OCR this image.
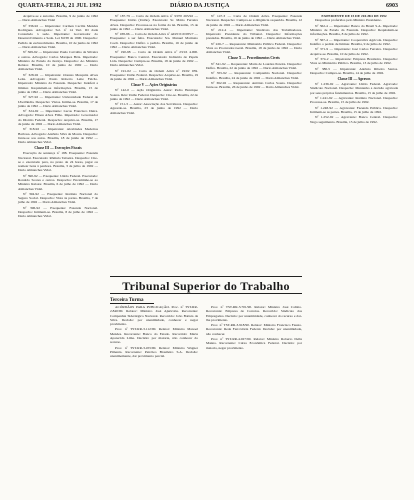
QUARTA-FEIRA, 21 JUL 1992	DIÁRIO DA JUSTIÇA	6903

Arquive-se e autorize. Brasília, 9 de junho de 1992 — Dario Almanches Vidal

Nº 336-92 — Impetrante: Carmen Cecília Mendes Rodrigues. Advogados: Sol. nº 14 Vert. ID dada Consulado à sede. Impetrante: Governador do Desenvolvimento e Sede. Lei 8.038 de 1990. Despacho: Pedido de esclarecimento. Brasília, 10 de junho de 1992 — Dario Almanches Vidal.

Nº 369-92 — Impetrante: Paulo Carvalho da Silveira e outros. Advogado: Carlos Marques Brás. Impetrado: Ministro de Estado da Justiça. Despacho: Ao Ministro Relator. Brasília, 10 de junho de 1992 — Dario Almanches Vidal.

Nº 328-92 — Impetrante: Orestes Mesquita Alves Leite. Advogado: Paulo Roberto Leite Falcão. Impetrado: Ministro da Fazenda. Despacho: Indeferi a liminar. Requisitem-se informações. Brasília, 15 de junho de 1992 — Dario Almanches Vidal.

Nº 327-92 — Impetrante: Universidade Federal de Uberlândia. Despacho: Vistos. Intime-se. Brasília, 17 de junho de 1992 — Dario Almanches Vidal.

Nº 324-92 — Impetrante: Lucas Francisco Dutra. Advogado: Eliseu Alves Filho. Impetrado: Governador do Distrito Federal. Despacho: Arquive-se. Brasília, 17 de junho de 1992 — Dario Almanches Vidal.

Nº 318-92 — Impetrante: Alcebíades Medeiros Barbosa. Advogado: Antônio Silva de Moura. Despacho: Junte-se aos autos. Brasília, 18 de junho de 1992 — Dario Almanches Vidal.

Classe III — Execuções Fiscais

Execução de sentença nº 188. Exequente: Fazenda Nacional. Executado: Rômulo Teixeira. Despacho: Cite-se o executado para, no prazo de 24 horas, pagar ou nomear bens à penhora. Brasília, 3 de julho de 1992 — Dario Almanches Vidal.

Nº 390-92 — Exequente: União Federal. Executado: Ronaldo Soares e outros. Despacho: Encaminhe-se ao Ministro Relator. Brasília, 6 de julho de 1992 — Dario Almanches Vidal.

Nº 394-92 — Exequente: Instituto Nacional do Seguro Social. Despacho: Vista às partes. Brasília, 7 de julho de 1992 — Dario Almanches Vidal.

Nº 396-92 — Exequente: Fazenda Nacional. Despacho: Intimem-se. Brasília, 8 de julho de 1992 — Dario Almanches Vidal.

Nº 187-79 — Carta de Ordem Ativa nº 3/070 265/92 — Exequente: União (União). Executado: Sr. Mário Ferreira Alves. Despacho: Processe-se na forma da lei. Brasília, 15 de junho de 1992 — Dario Almanches Vidal.

Nº 188-96 — Carta de Ordem Ativa nº AD/0 019 085/7 — Exequente: a ser feita. Executado: Sra. Manuel Marinato Coeli. Despacho: Defiro o pedido. Brasília, 16 de junho de 1992 — Dario Almanches Vidal.

Nº 190-98 — Carta de Ordem Ativa nº 23/16 4.000. Exequente: Banco Central. Executado: Indústria de Papéis Ltda. Despacho: Cumpra-se. Brasília, 18 de junho de 1992 — Dario Almanches Vidal.

Nº 191-02 — Carta de Ordem Ativa nº 19/02 039. Exequente: União Federal. Despacho: Arquive-se. Brasília, 19 de junho de 1992 — Dario Almanches Vidal.

Classe V — Ações Originárias

Nº 142-0 — Ação Originária. Autor: Pedro Henrique Soares. Réu: União Federal. Despacho: Cite-se. Brasília, 22 de junho de 1992 — Dario Almanches Vidal.

Nº 151-3 — Autor: Associação dos Servidores. Despacho: Aguarde-se. Brasília, 23 de junho de 1992 — Dario Almanches Vidal.

Nº 147-3 — Carta de Ordem Ativa. Exequente: Fazenda Nacional. Despacho: Cumpra-se a diligência requerida. Brasília, 12 de junho de 1992 — Dario Almanches Vidal.

Nº 212-4 — Impetrante: Sindicato dos Trabalhadores. Impetrado: Presidente do Tribunal. Despacho: Informações prestadas. Brasília, 16 de junho de 1992 — Dario Almanches Vidal.

Nº 226-7 — Requerente: Ministério Público Federal. Despacho: Vista ao Procurador-Geral. Brasília, 18 de junho de 1992 — Dario Almanches Vidal.

Classe X — Procedimentos Cíveis

Nº 341-92 — Requerente: Maria de Lourdes Pereira. Despacho: Defiro. Brasília, 22 de junho de 1992 — Dario Almanches Vidal.

Nº 355-92 — Requerente: Companhia Nacional. Despacho: Indefiro. Brasília, 24 de junho de 1992 — Dario Almanches Vidal.

Nº 362-92 — Requerente: Antônio Carlos Souza. Despacho: Junte-se. Brasília, 26 de junho de 1992 — Dario Almanches Vidal.

EXPEDIENTE DE 15 DE JULHO DE 1992

Despachos proferidos pelo Ministro Presidente.

Nº 362-4 — Impetrante: Banco do Brasil S.A. Impetrado: Ministro de Estado da Fazenda. Despacho: Requisitem-se informações. Brasília, 8 de julho de 1992.

Nº 367-4 — Impetrante: Cooperativa Agrícola. Despacho: Indefiro o pedido de liminar. Brasília, 9 de julho de 1992.

Nº 371-9 — Impetrante: José Carlos Ferreira. Despacho: Arquive-se. Brasília, 10 de julho de 1992.

Nº 374-2 — Impetrante: Empresa Brasileira. Despacho: Vista ao Ministério Público. Brasília, 13 de julho de 1992.

Nº 380-5 — Impetrante: Antônio Ribeiro Santos. Despacho: Cumpra-se. Brasília, 14 de julho de 1992.

Classe III — Agravos

Nº 1.236-92 — Agravante: União Federal. Agravado: Sindicato Nacional. Despacho: Mantenho a decisão agravada por seus próprios fundamentos. Brasília, 15 de julho de 1992.

Nº 1.241-92 — Agravante: Instituto Nacional. Despacho: Processe-se. Brasília, 15 de julho de 1992.

Nº 1.248-92 — Agravante: Fazenda Pública. Despacho: Intimem-se as partes. Brasília, 15 de julho de 1992.

Nº 1.252-92 — Agravante: Banco Central. Despacho: Nego seguimento. Brasília, 15 de julho de 1992.

Tribunal Superior do Trabalho
Terceira Turma

ACÓRDÃOS PARA PUBLICAÇÃO. Proc. nº TST-RR-2.840/90. Relator: Ministro José Ajuricaba. Recorrente: Companhia Siderúrgica Nacional. Recorrido: João Batista da Silva. Decisão: por unanimidade, conhecer e negar provimento.

Proc. nº TST-RR-3.112/90. Relator: Ministro Manoel Mendes. Recorrente: Banco do Estado. Recorrido: Maria Aparecida Lima. Decisão: por maioria, não conhecer do recurso.

Proc. nº TST-RR-3.455/90. Relator: Ministro Wagner Pimenta. Recorrente: Petróleo Brasileiro S.A. Decisão: unanimemente, dar provimento parcial.

Proc. nº TST-RR-3.701/90. Relator: Ministro José Calixto. Recorrente: Empresa de Correios. Recorrido: Sindicato dos Empregados. Decisão: por unanimidade, conhecer do recurso e dar-lhe provimento.

Proc. nº TST-RR-3.918/90. Relator: Ministro Francisco Fausto. Recorrente: Rede Ferroviária Federal. Decisão: por unanimidade, não conhecer.

Proc. nº TST-RR-4.027/90. Relator: Ministro Roberto Della Manna. Recorrente: Caixa Econômica Federal. Decisão: por maioria, negar provimento.
